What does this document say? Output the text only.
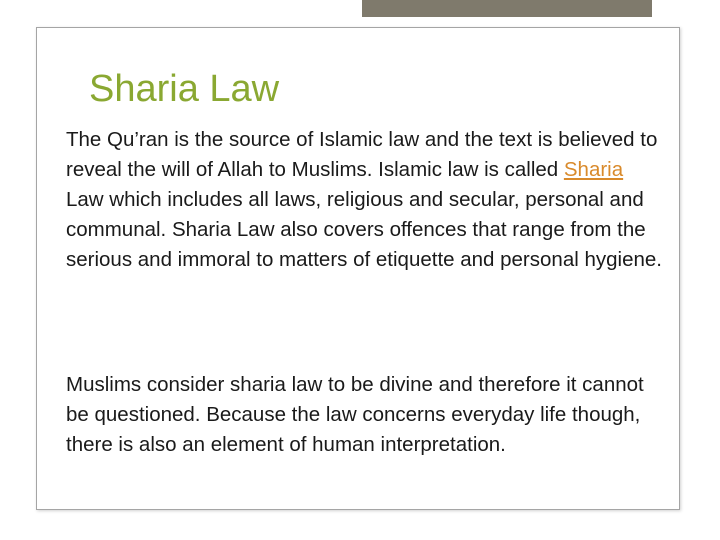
Sharia Law

The Qu’ran is the source of Islamic law and the text is believed to reveal the will of Allah to Muslims. Islamic law is called Sharia Law which includes all laws, religious and secular, personal and communal. Sharia Law also covers offences that range from the serious and immoral to matters of etiquette and personal hygiene.

Muslims consider sharia law to be divine and therefore it cannot be questioned. Because the law concerns everyday life though, there is also an element of human interpretation.
